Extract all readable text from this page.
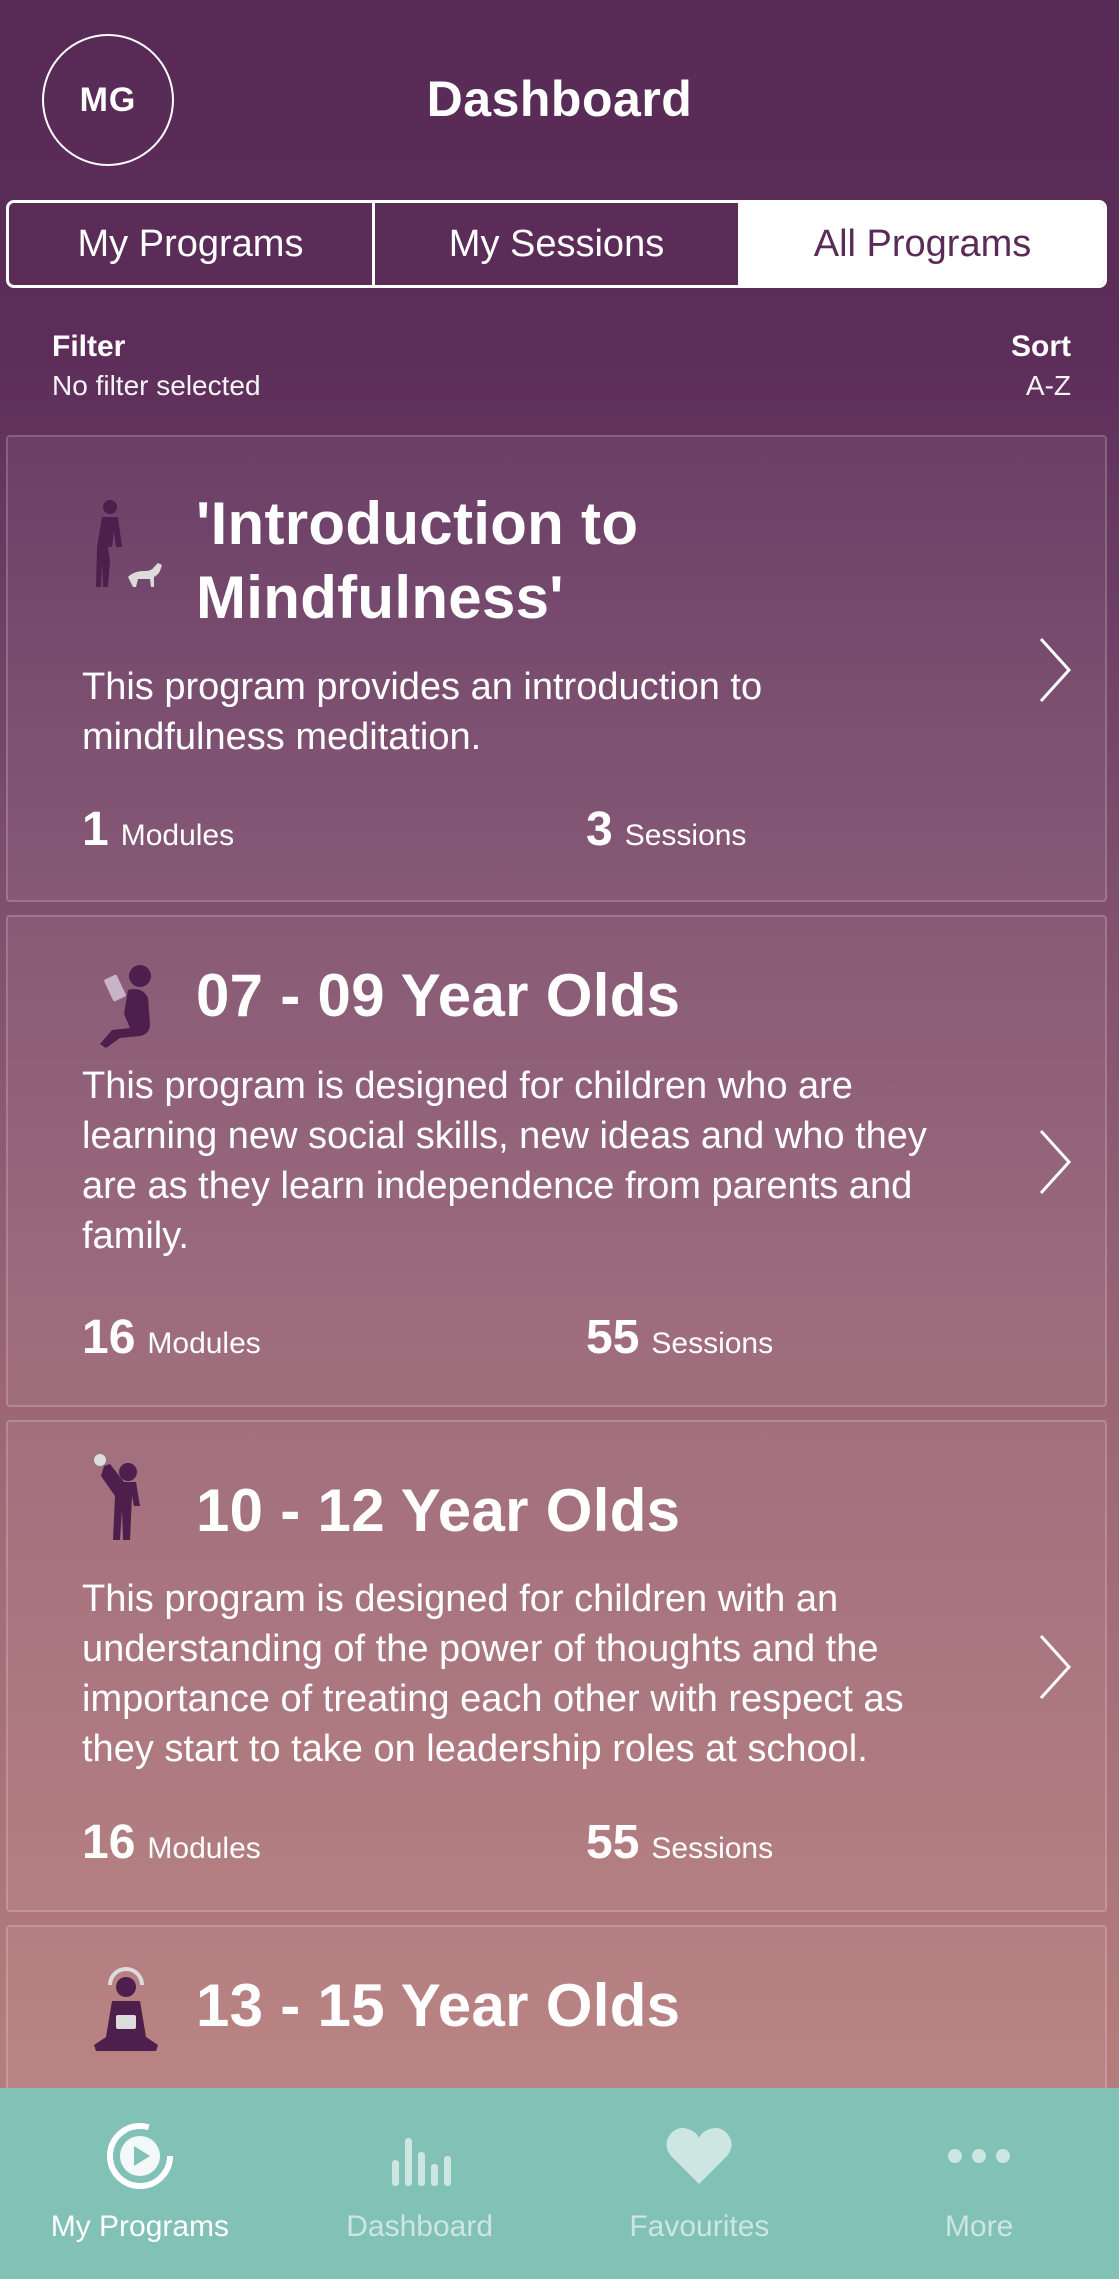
MG	Dashboard
My Programs	My Sessions	All Programs
Filter
No filter selected
Sort
A-Z
'Introduction to Mindfulness'
This program provides an introduction to mindfulness meditation.
1 Modules	3 Sessions
07 - 09 Year Olds
This program is designed for children who are learning new social skills, new ideas and who they are as they learn independence from parents and family.
16 Modules	55 Sessions
10 - 12 Year Olds
This program is designed for children with an understanding of the power of thoughts and the importance of treating each other with respect as they start to take on leadership roles at school.
16 Modules	55 Sessions
13 - 15 Year Olds
My Programs	Dashboard	Favourites	More
